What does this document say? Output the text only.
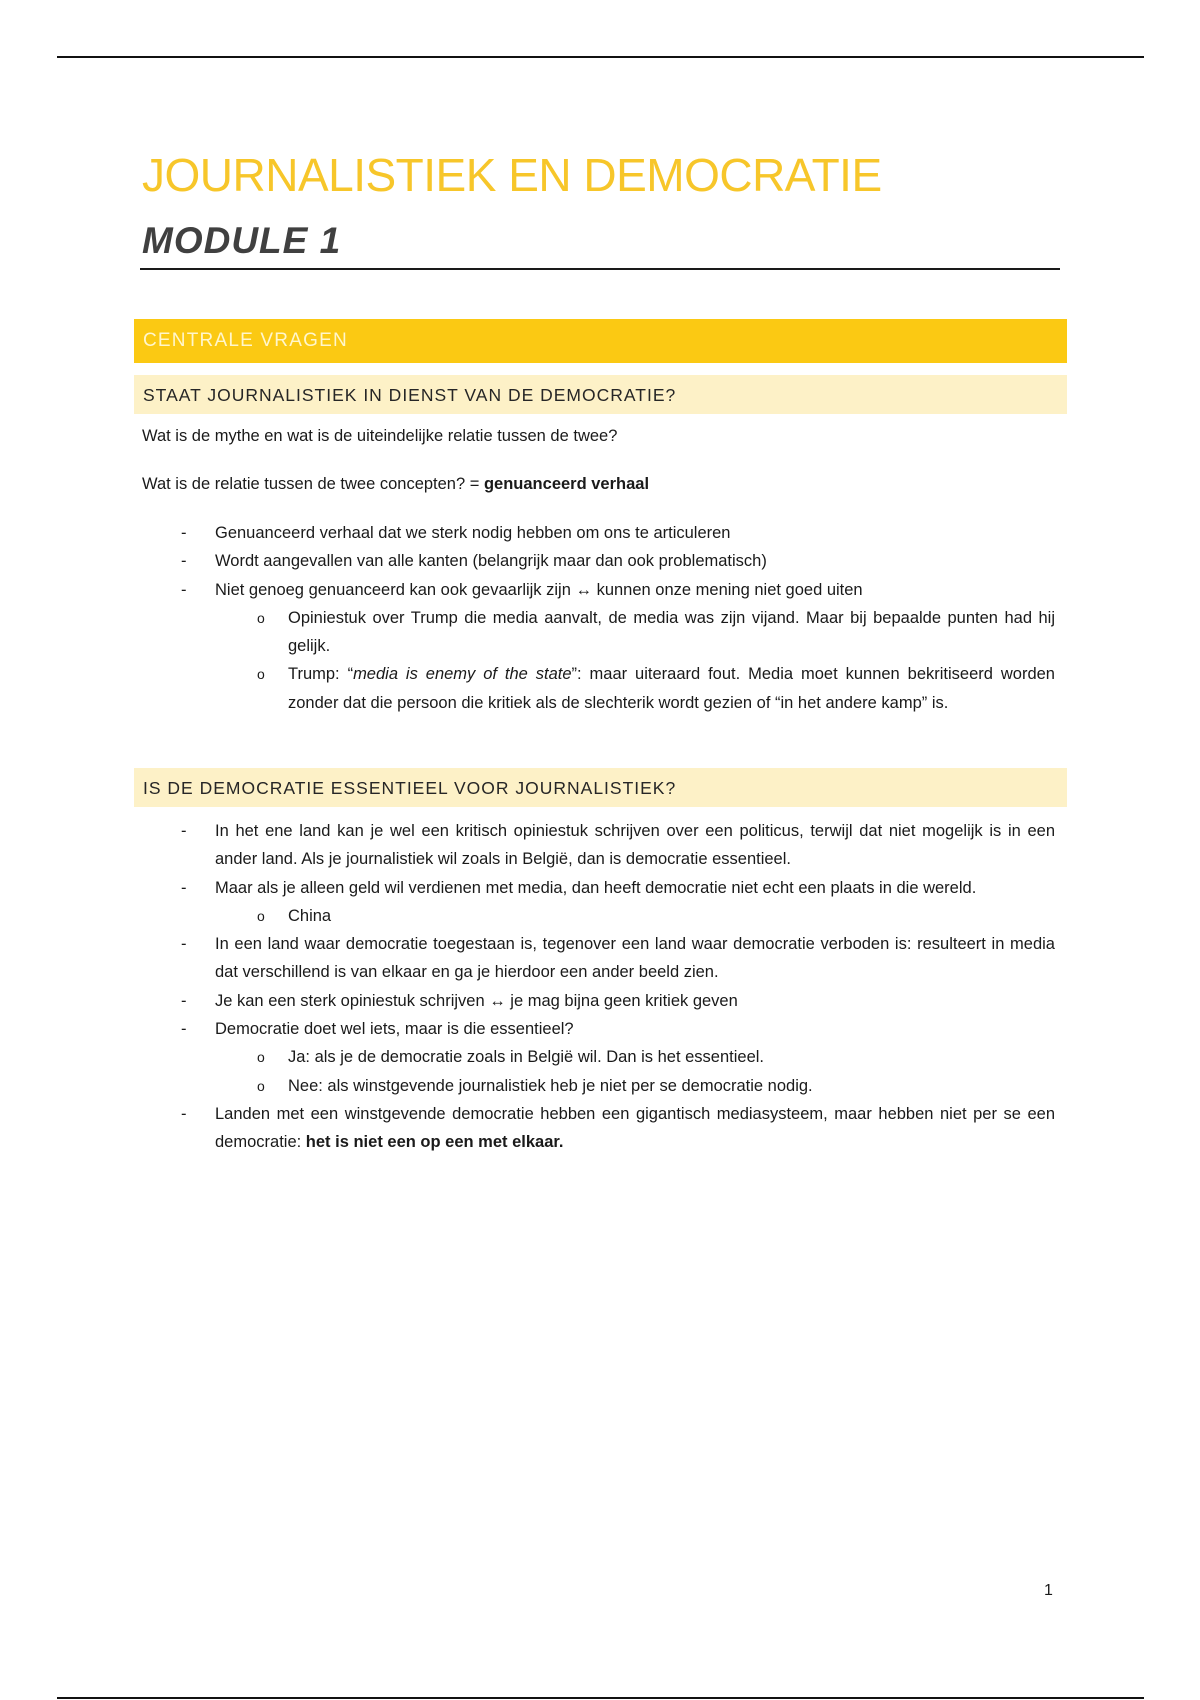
JOURNALISTIEK EN DEMOCRATIE
MODULE 1
CENTRALE VRAGEN
STAAT JOURNALISTIEK IN DIENST VAN DE DEMOCRATIE?
Wat is de mythe en wat is de uiteindelijke relatie tussen de twee?
Wat is de relatie tussen de twee concepten? = genuanceerd verhaal
- Genuanceerd verhaal dat we sterk nodig hebben om ons te articuleren
- Wordt aangevallen van alle kanten (belangrijk maar dan ook problematisch)
- Niet genoeg genuanceerd kan ook gevaarlijk zijn ↔ kunnen onze mening niet goed uiten
o Opiniestuk over Trump die media aanvalt, de media was zijn vijand. Maar bij bepaalde punten had hij gelijk.
o Trump: “media is enemy of the state”: maar uiteraard fout. Media moet kunnen bekritiseerd worden zonder dat die persoon die kritiek als de slechterik wordt gezien of “in het andere kamp” is.
IS DE DEMOCRATIE ESSENTIEEL VOOR JOURNALISTIEK?
- In het ene land kan je wel een kritisch opiniestuk schrijven over een politicus, terwijl dat niet mogelijk is in een ander land. Als je journalistiek wil zoals in België, dan is democratie essentieel.
- Maar als je alleen geld wil verdienen met media, dan heeft democratie niet echt een plaats in die wereld.
o China
- In een land waar democratie toegestaan is, tegenover een land waar democratie verboden is: resulteert in media dat verschillend is van elkaar en ga je hierdoor een ander beeld zien.
- Je kan een sterk opiniestuk schrijven ↔ je mag bijna geen kritiek geven
- Democratie doet wel iets, maar is die essentieel?
o Ja: als je de democratie zoals in België wil. Dan is het essentieel.
o Nee: als winstgevende journalistiek heb je niet per se democratie nodig.
- Landen met een winstgevende democratie hebben een gigantisch mediasysteem, maar hebben niet per se een democratie: het is niet een op een met elkaar.
1
